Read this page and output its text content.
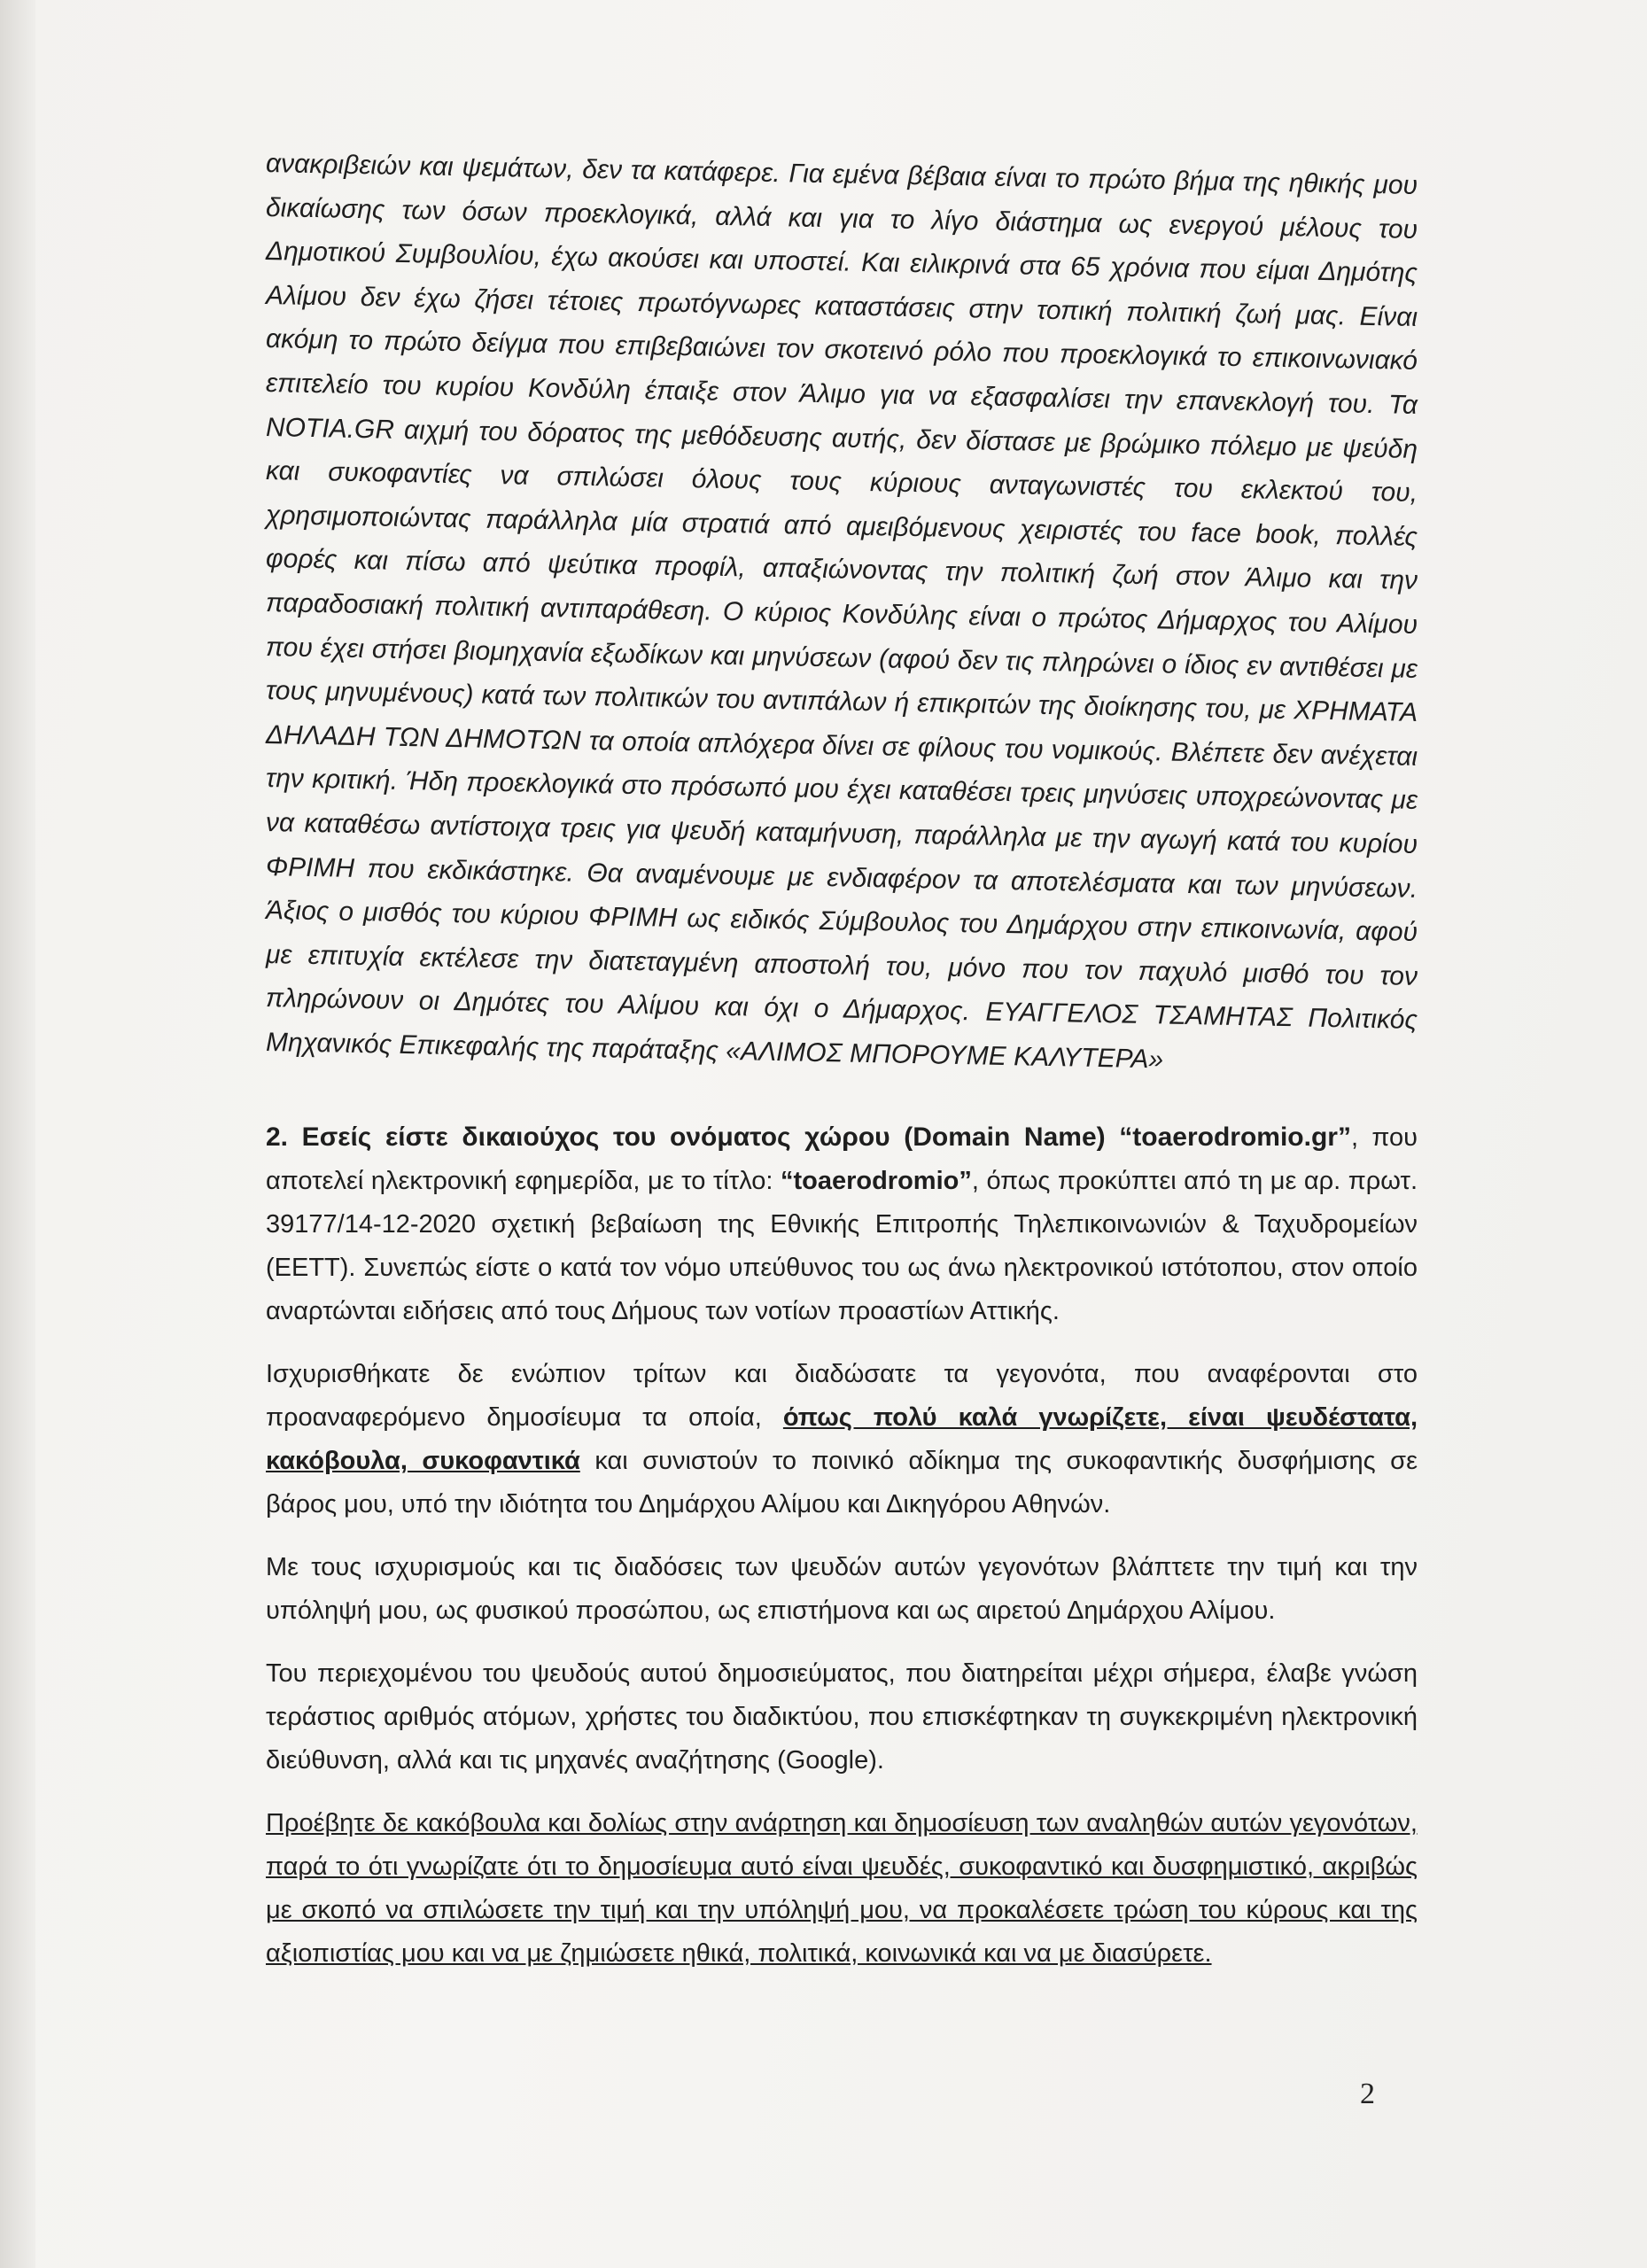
ανακριβειών και ψεμάτων, δεν τα κατάφερε. Για εμένα βέβαια είναι το πρώτο βήμα της ηθικής μου δικαίωσης των όσων προεκλογικά, αλλά και για το λίγο διάστημα ως ενεργού μέλους του Δημοτικού Συμβουλίου, έχω ακούσει και υποστεί. Και ειλικρινά στα 65 χρόνια που είμαι Δημότης Αλίμου δεν έχω ζήσει τέτοιες πρωτόγνωρες καταστάσεις στην τοπική πολιτική ζωή μας. Είναι ακόμη το πρώτο δείγμα που επιβεβαιώνει τον σκοτεινό ρόλο που προεκλογικά το επικοινωνιακό επιτελείο του κυρίου Κονδύλη έπαιξε στον Άλιμο για να εξασφαλίσει την επανεκλογή του. Τα NOTIA.GR αιχμή του δόρατος της μεθόδευσης αυτής, δεν δίστασε με βρώμικο πόλεμο με ψεύδη και συκοφαντίες να σπιλώσει όλους τους κύριους ανταγωνιστές του εκλεκτού του, χρησιμοποιώντας παράλληλα μία στρατιά από αμειβόμενους χειριστές του face book, πολλές φορές και πίσω από ψεύτικα προφίλ, απαξιώνοντας την πολιτική ζωή στον Άλιμο και την παραδοσιακή πολιτική αντιπαράθεση. Ο κύριος Κονδύλης είναι ο πρώτος Δήμαρχος του Αλίμου που έχει στήσει βιομηχανία εξωδίκων και μηνύσεων (αφού δεν τις πληρώνει ο ίδιος εν αντιθέσει με τους μηνυμένους) κατά των πολιτικών του αντιπάλων ή επικριτών της διοίκησης του, με ΧΡΗΜΑΤΑ ΔΗΛΑΔΗ ΤΩΝ ΔΗΜΟΤΩΝ τα οποία απλόχερα δίνει σε φίλους του νομικούς. Βλέπετε δεν ανέχεται την κριτική. Ήδη προεκλογικά στο πρόσωπό μου έχει καταθέσει τρεις μηνύσεις υποχρεώνοντας με να καταθέσω αντίστοιχα τρεις για ψευδή καταμήνυση, παράλληλα με την αγωγή κατά του κυρίου ΦΡΙΜΗ που εκδικάστηκε. Θα αναμένουμε με ενδιαφέρον τα αποτελέσματα και των μηνύσεων. Άξιος ο μισθός του κύριου ΦΡΙΜΗ ως ειδικός Σύμβουλος του Δημάρχου στην επικοινωνία, αφού με επιτυχία εκτέλεσε την διατεταγμένη αποστολή του, μόνο που τον παχυλό μισθό του τον πληρώνουν οι Δημότες του Αλίμου και όχι ο Δήμαρχος. ΕΥΑΓΓΕΛΟΣ ΤΣΑΜΗΤΑΣ Πολιτικός Μηχανικός Επικεφαλής της παράταξης «ΑΛΙΜΟΣ ΜΠΟΡΟΥΜΕ ΚΑΛΥΤΕΡΑ»

2. Εσείς είστε δικαιούχος του ονόματος χώρου (Domain Name) “toaerodromio.gr”, που αποτελεί ηλεκτρονική εφημερίδα, με το τίτλο: “toaerodromio”, όπως προκύπτει από τη με αρ. πρωτ. 39177/14-12-2020 σχετική βεβαίωση της Εθνικής Επιτροπής Τηλεπικοινωνιών & Ταχυδρομείων (ΕΕΤΤ). Συνεπώς είστε ο κατά τον νόμο υπεύθυνος του ως άνω ηλεκτρονικού ιστότοπου, στον οποίο αναρτώνται ειδήσεις από τους Δήμους των νοτίων προαστίων Αττικής.

Ισχυρισθήκατε δε ενώπιον τρίτων και διαδώσατε τα γεγονότα, που αναφέρονται στο προαναφερόμενο δημοσίευμα τα οποία, όπως πολύ καλά γνωρίζετε, είναι ψευδέστατα, κακόβουλα, συκοφαντικά και συνιστούν το ποινικό αδίκημα της συκοφαντικής δυσφήμισης σε βάρος μου, υπό την ιδιότητα του Δημάρχου Αλίμου και Δικηγόρου Αθηνών.

Με τους ισχυρισμούς και τις διαδόσεις των ψευδών αυτών γεγονότων βλάπτετε την τιμή και την υπόληψή μου, ως φυσικού προσώπου, ως επιστήμονα και ως αιρετού Δημάρχου Αλίμου.

Του περιεχομένου του ψευδούς αυτού δημοσιεύματος, που διατηρείται μέχρι σήμερα, έλαβε γνώση τεράστιος αριθμός ατόμων, χρήστες του διαδικτύου, που επισκέφτηκαν τη συγκεκριμένη ηλεκτρονική διεύθυνση, αλλά και τις μηχανές αναζήτησης (Google).

Προέβητε δε κακόβουλα και δολίως στην ανάρτηση και δημοσίευση των αναληθών αυτών γεγονότων, παρά το ότι γνωρίζατε ότι το δημοσίευμα αυτό είναι ψευδές, συκοφαντικό και δυσφημιστικό, ακριβώς με σκοπό να σπιλώσετε την τιμή και την υπόληψή μου, να προκαλέσετε τρώση του κύρους και της αξιοπιστίας μου και να με ζημιώσετε ηθικά, πολιτικά, κοινωνικά και να με διασύρετε.

2
